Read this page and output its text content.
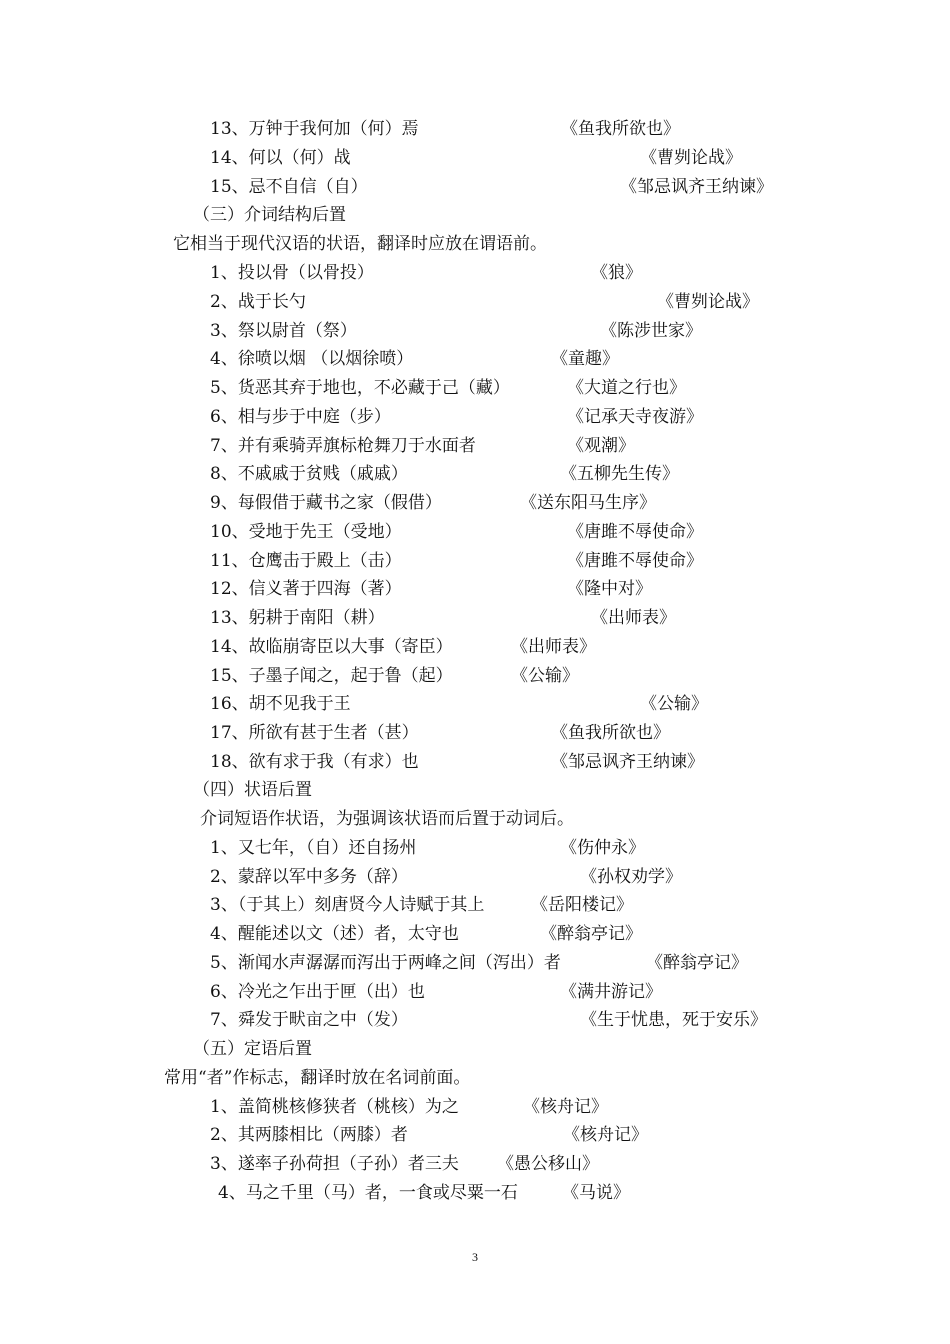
13、万钟于我何加（何）焉	《鱼我所欲也》
14、何以（何）战	《曹刿论战》
15、忌不自信（自）	《邹忌讽齐王纳谏》
（三）介词结构后置
它相当于现代汉语的状语，翻译时应放在谓语前。
1、投以骨（以骨投）	《狼》
2、战于长勺	《曹刿论战》
3、祭以尉首（祭）	《陈涉世家》
4、徐喷以烟 （以烟徐喷）	《童趣》
5、货恶其弃于地也，不必藏于己（藏）	《大道之行也》
6、相与步于中庭（步）	《记承天寺夜游》
7、并有乘骑弄旗标枪舞刀于水面者	《观潮》
8、不戚戚于贫贱（戚戚）	《五柳先生传》
9、每假借于藏书之家（假借）	《送东阳马生序》
10、受地于先王（受地）	《唐雎不辱使命》
11、仓鹰击于殿上（击）	《唐雎不辱使命》
12、信义著于四海（著）	《隆中对》
13、躬耕于南阳（耕）	《出师表》
14、故临崩寄臣以大事（寄臣）	《出师表》
15、子墨子闻之，起于鲁（起）	《公输》
16、胡不见我于王	《公输》
17、所欲有甚于生者（甚）	《鱼我所欲也》
18、欲有求于我（有求）也	《邹忌讽齐王纳谏》
（四）状语后置
介词短语作状语，为强调该状语而后置于动词后。
1、又七年，（自）还自扬州	《伤仲永》
2、蒙辞以军中多务（辞）	《孙权劝学》
3、（于其上）刻唐贤今人诗赋于其上	《岳阳楼记》
4、醒能述以文（述）者，太守也	《醉翁亭记》
5、渐闻水声潺潺而泻出于两峰之间（泻出）者	《醉翁亭记》
6、冷光之乍出于匣（出）也	《满井游记》
7、舜发于畎亩之中（发）	《生于忧患，死于安乐》
（五）定语后置
常用“者”作标志，翻译时放在名词前面。
1、盖简桃核修狭者（桃核）为之	《核舟记》
2、其两膝相比（两膝）者	《核舟记》
3、遂率子孙荷担（子孙）者三夫 《愚公移山》
4、马之千里（马）者，一食或尽粟一石	《马说》
3
